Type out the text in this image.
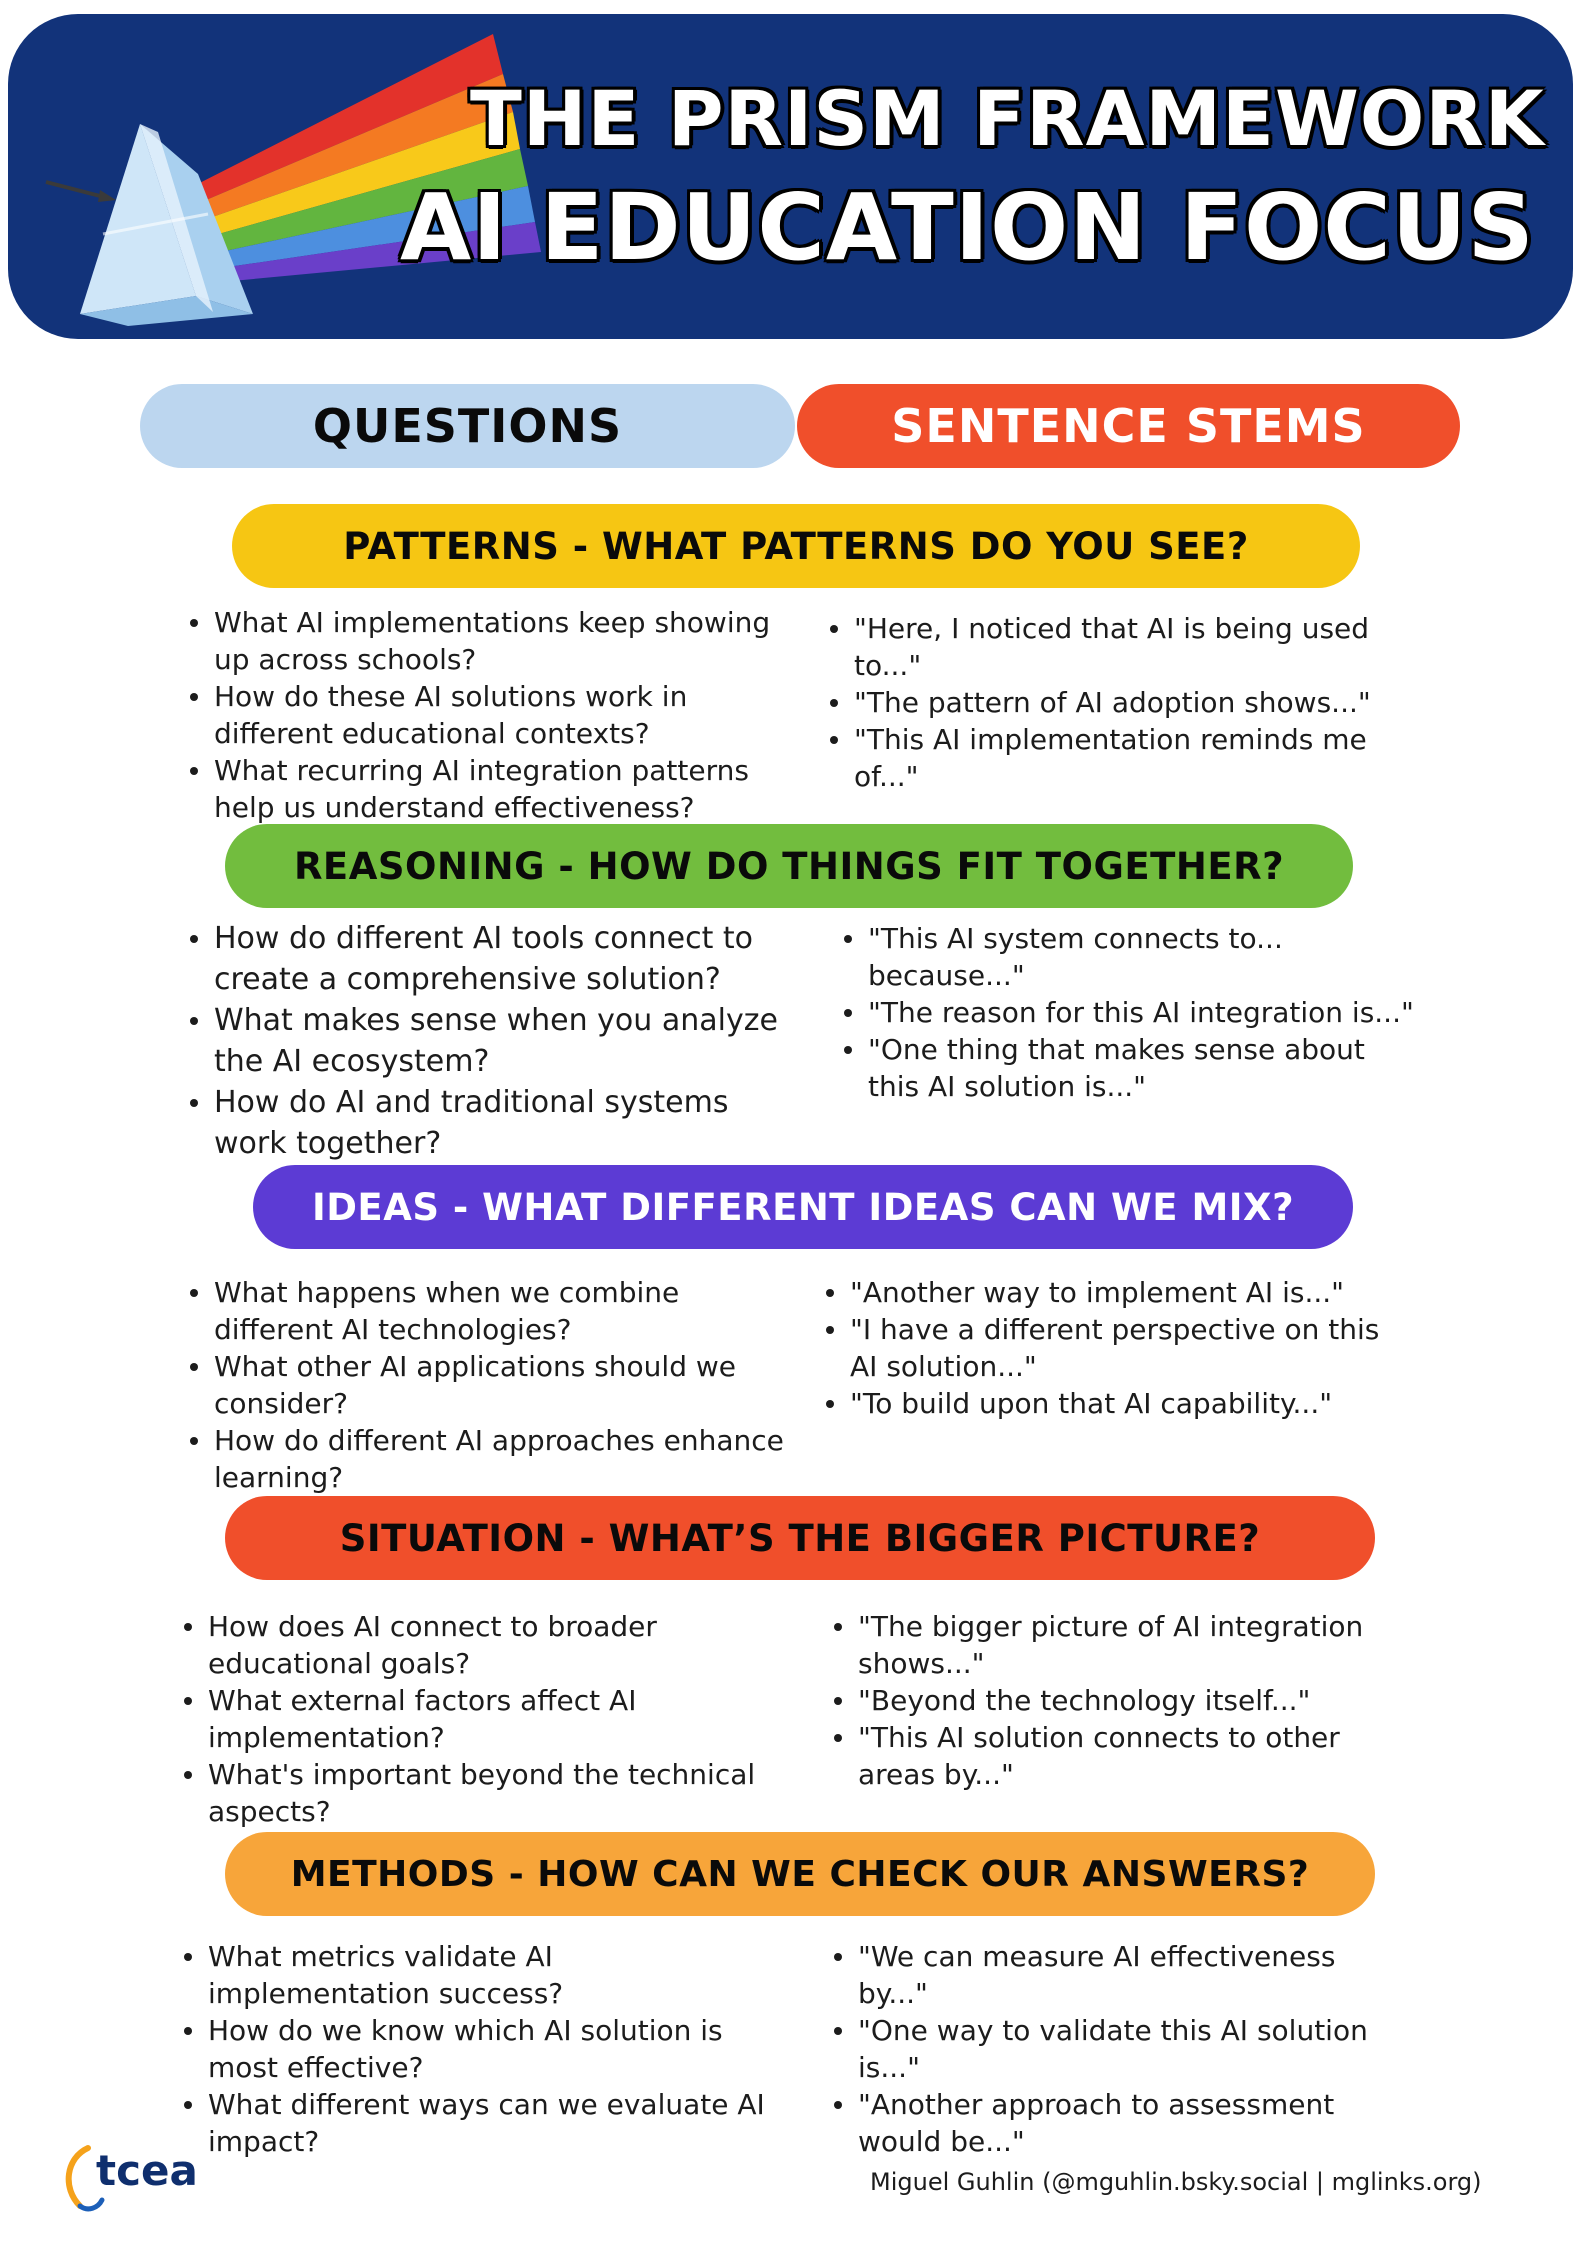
THE PRISM FRAMEWORK
AI EDUCATION FOCUS
QUESTIONS	SENTENCE STEMS
PATTERNS - WHAT PATTERNS DO YOU SEE?
What AI implementations keep showing up across schools?
How do these AI solutions work in different educational contexts?
What recurring AI integration patterns help us understand effectiveness?
"Here, I noticed that AI is being used to..."
"The pattern of AI adoption shows..."
"This AI implementation reminds me of..."
REASONING - HOW DO THINGS FIT TOGETHER?
How do different AI tools connect to create a comprehensive solution?
What makes sense when you analyze the AI ecosystem?
How do AI and traditional systems work together?
"This AI system connects to... because..."
"The reason for this AI integration is..."
"One thing that makes sense about this AI solution is..."
IDEAS - WHAT DIFFERENT IDEAS CAN WE MIX?
What happens when we combine different AI technologies?
What other AI applications should we consider?
How do different AI approaches enhance learning?
"Another way to implement AI is..."
"I have a different perspective on this AI solution..."
"To build upon that AI capability..."
SITUATION - WHAT’S THE BIGGER PICTURE?
How does AI connect to broader educational goals?
What external factors affect AI implementation?
What's important beyond the technical aspects?
"The bigger picture of AI integration shows..."
"Beyond the technology itself..."
"This AI solution connects to other areas by..."
METHODS - HOW CAN WE CHECK OUR ANSWERS?
What metrics validate AI implementation success?
How do we know which AI solution is most effective?
What different ways can we evaluate AI impact?
"We can measure AI effectiveness by..."
"One way to validate this AI solution is..."
"Another approach to assessment would be..."

tcea	Miguel Guhlin (@mguhlin.bsky.social | mglinks.org)
